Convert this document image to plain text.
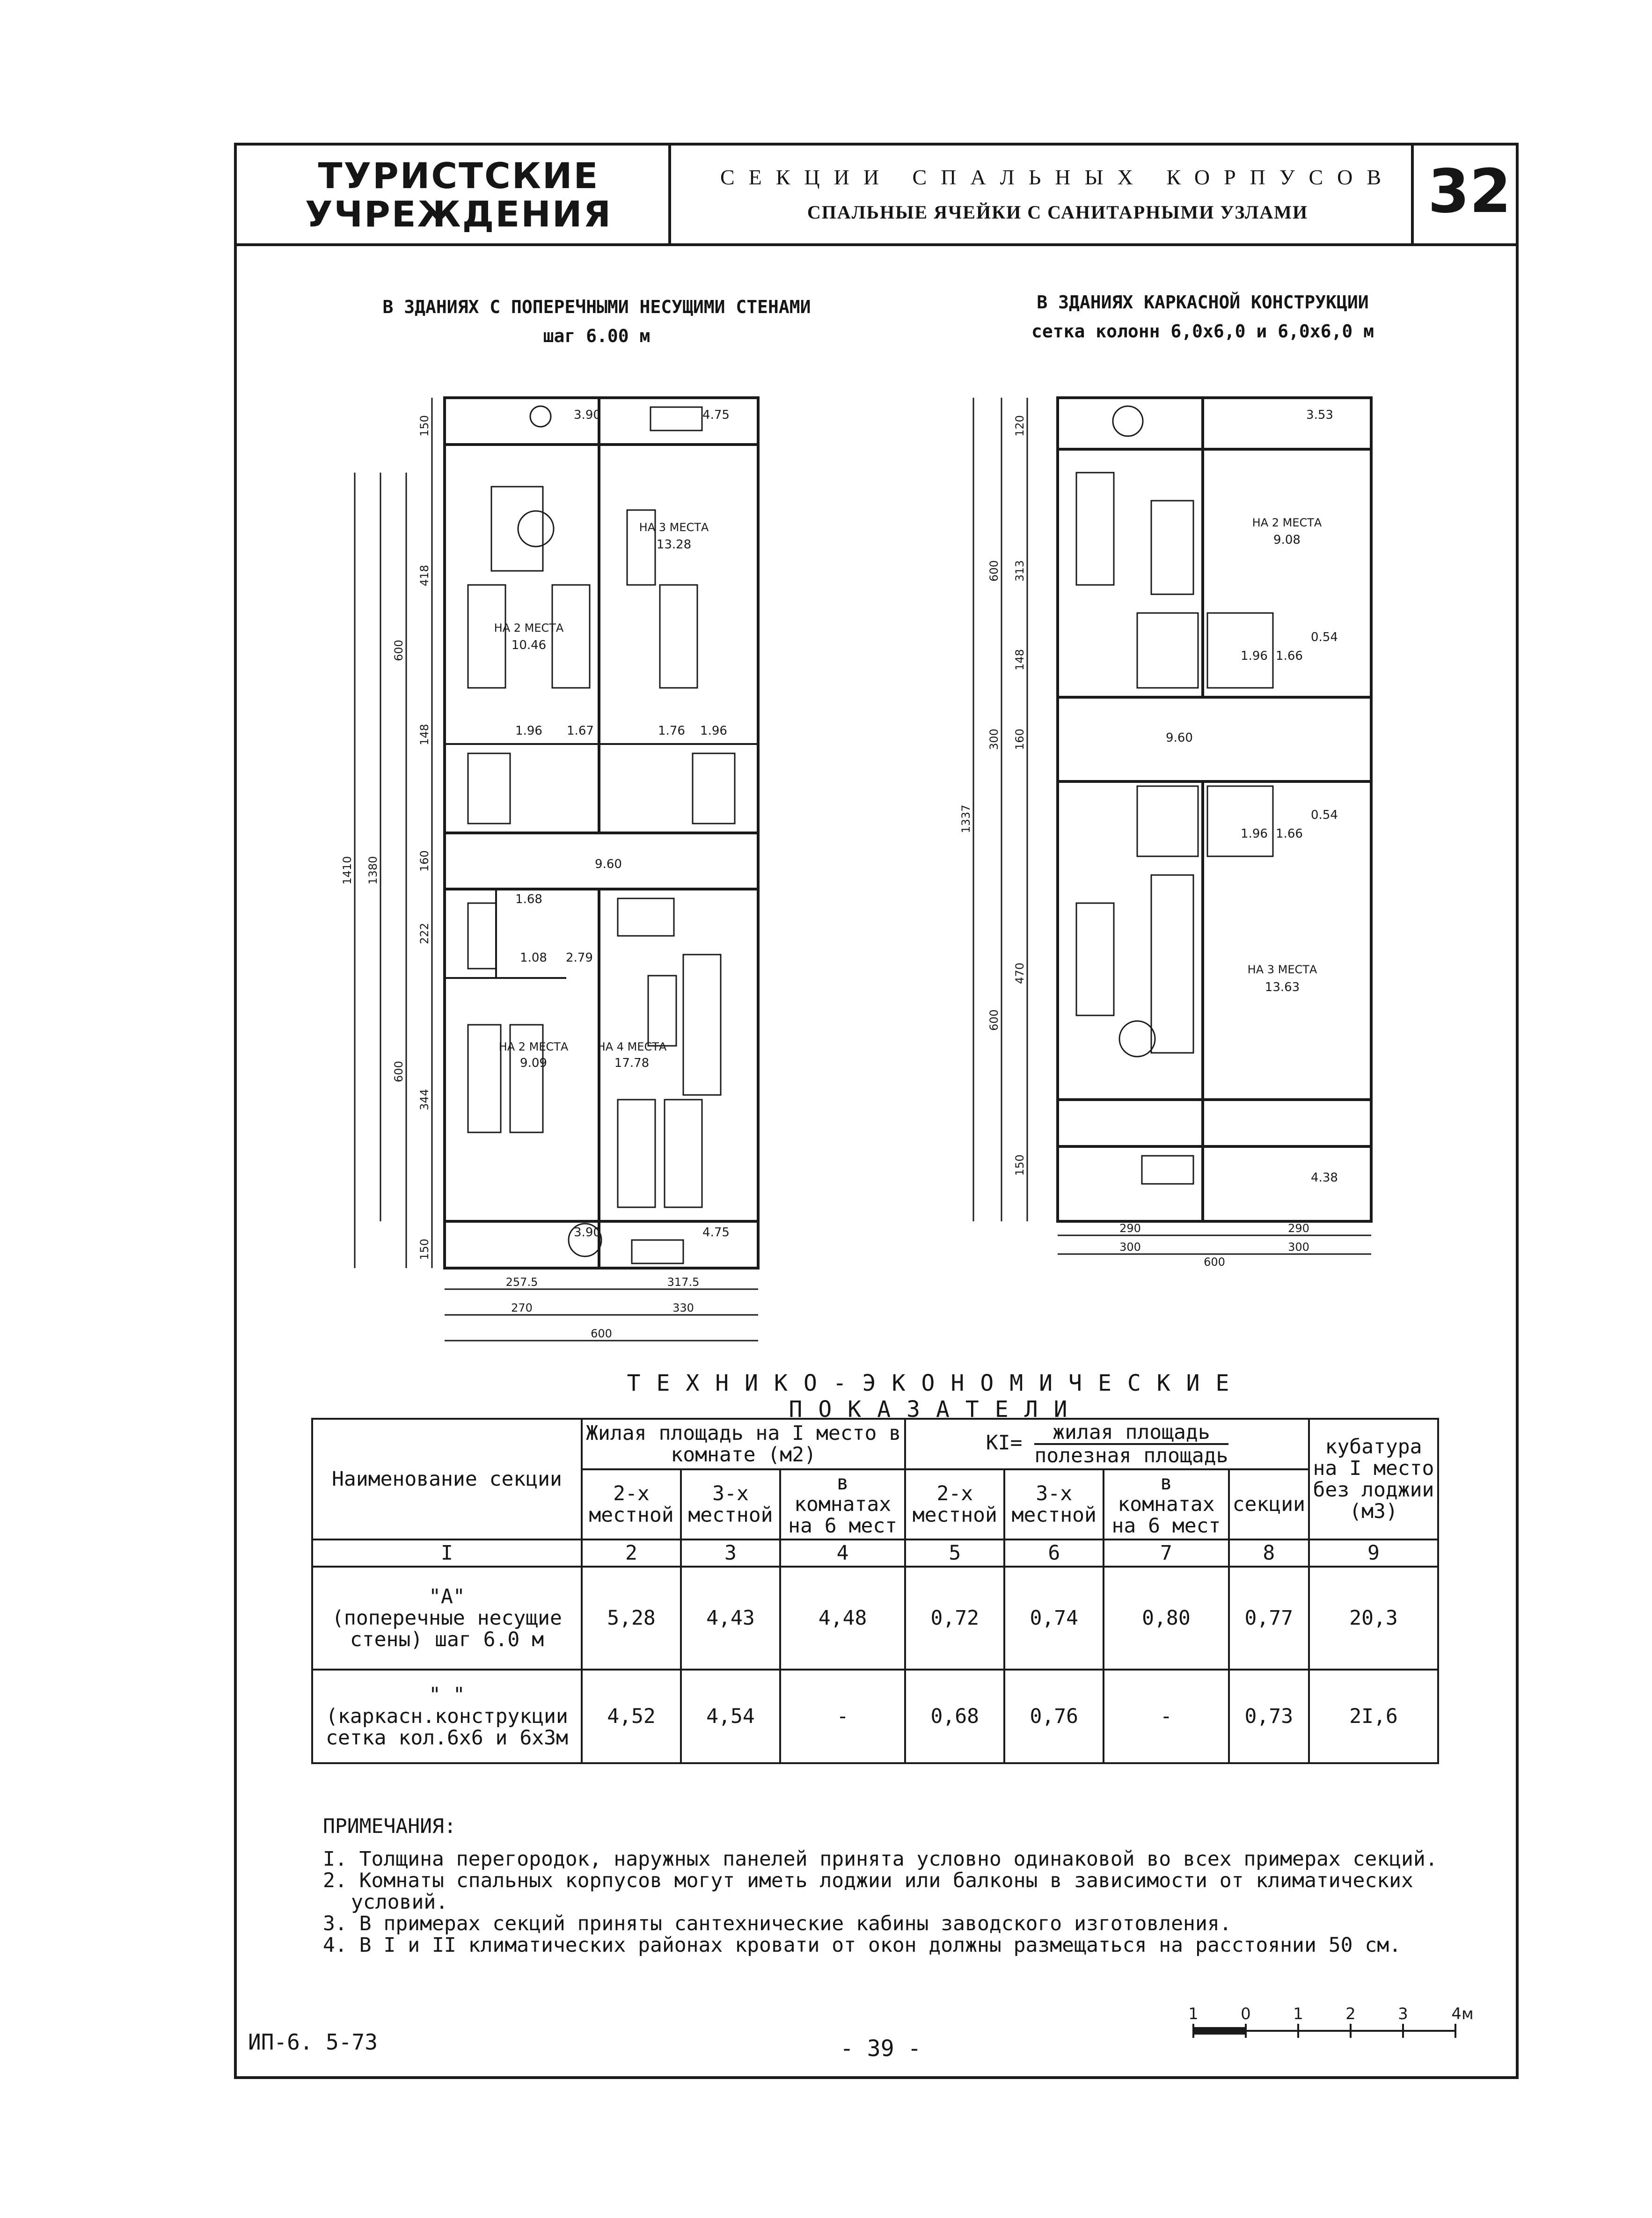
ТУРИСТСКИЕ
УЧРЕЖДЕНИЯ
СЕКЦИИ СПАЛЬНЫХ КОРПУСОВ
СПАЛЬНЫЕ ЯЧЕЙКИ С САНИТАРНЫМИ УЗЛАМИ	32
В ЗДАНИЯХ С ПОПЕРЕЧНЫМИ НЕСУЩИМИ СТЕНАМИ
шаг 6.00 м
В ЗДАНИЯХ КАРКАСНОЙ КОНСТРУКЦИИ
сетка колонн 6,0х6,0 и 6,0х6,0 м
НА 3 МЕСТА
13.28
НА 2 МЕСТА
10.46
НА 2 МЕСТА
9.09
НА 4 МЕСТА
17.78
3.90	4.75
1.96 1.67	1.76 1.96
9.60
1.68
1.08 2.79
3.90	4.75
1410 1380
600
600
150
418
148
160
222
344
150
257.5	317.5
270	330
600
НА 2 МЕСТА
9.08
НА 3 МЕСТА
13.63
3.53
1.96 1.66
0.54
9.60
0.54
1.96 1.66
4.38
1337
600
300
600
120
313
148
160
470
150
290	290
300	300
600
ТЕХНИКО-ЭКОНОМИЧЕСКИЕ ПОКАЗАТЕЛИ
Наименование секции	Жилая площадь на I место в комнате (м2)			КI= жилая площадь
полезная площадь				кубатура на I место без лоджии (м3)
	2-х местной	3-х местной	в комнатах на 6 мест	2-х местной	3-х местной	в комнатах на 6 мест	секции	
I	2	3	4	5	6	7	8	9

"А"
(поперечные несущие стены) шаг 6.0 м	5,28	4,43	4,48	0,72	0,74	0,80	0,77	20,3

" "
(каркасн.конструкции сетка кол.6х6 и 6х3м	4,52	4,54	-	0,68	0,76	-	0,73	2I,6
ПРИМЕЧАНИЯ:
I. Толщина перегородок, наружных панелей принята условно одинаковой во всех примерах секций.
2. Комнаты спальных корпусов могут иметь лоджии или балконы в зависимости от климатических условий.
3. В примерах секций приняты сантехнические кабины заводского изготовления.
4. В I и II климатических районах кровати от окон должны размещаться на расстоянии 50 см.
1	0	1	2	3	4м
ИП-6. 5-73	- 39 -
